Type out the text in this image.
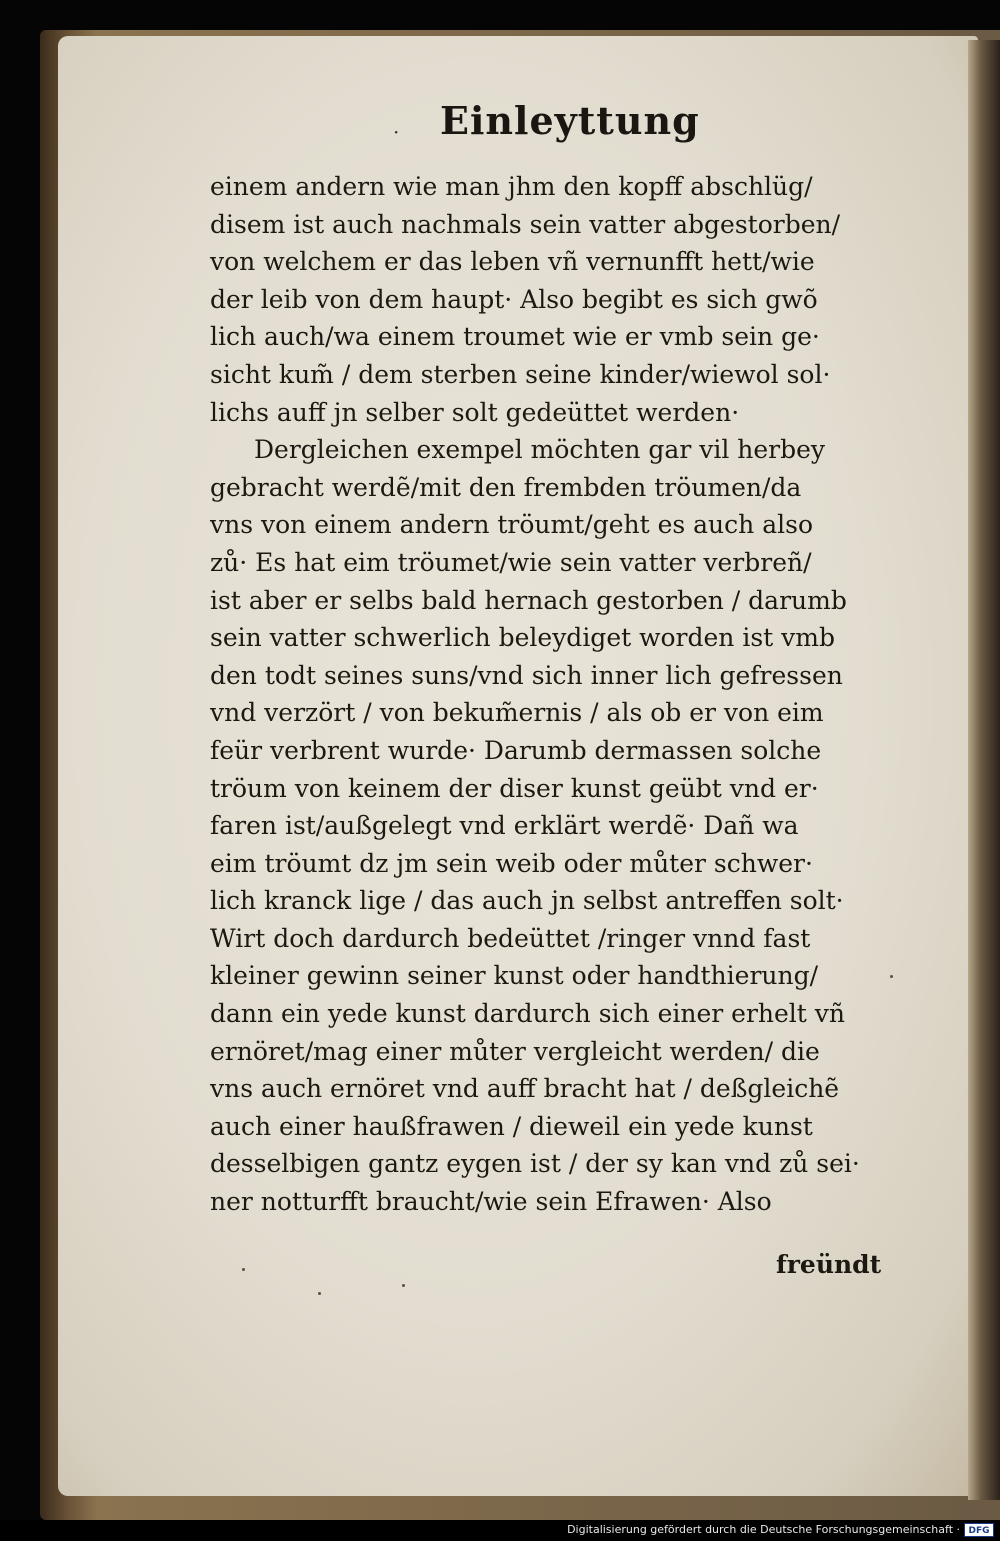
· Einleyttung
einem andern wie man jhm den kopff abschlüg/
disem ist auch nachmals sein vatter abgestorben/
von welchem er das leben vñ vernunfft hett/wie
der leib von dem haupt· Also begibt es sich gwõ
lich auch/wa einem troumet wie er vmb sein ge·
sicht kum̃ / dem sterben seine kinder/wiewol sol·
lichs auff jn selber solt gedeüttet werden·
Dergleichen exempel möchten gar vil herbey
gebracht werdẽ/mit den frembden tröumen/da
vns von einem andern tröumt/geht es auch also
zů· Es hat eim tröumet/wie sein vatter verbreñ/
ist aber er selbs bald hernach gestorben / darumb
sein vatter schwerlich beleydiget worden ist vmb
den todt seines suns/vnd sich inner lich gefressen
vnd verzört / von bekum̃ernis / als ob er von eim
feür verbrent wurde· Darumb dermassen solche
tröum von keinem der diser kunst geübt vnd er·
faren ist/außgelegt vnd erklärt werdẽ· Dañ wa
eim tröumt dz jm sein weib oder můter schwer·
lich kranck lige / das auch jn selbst antreffen solt·
Wirt doch dardurch bedeüttet /ringer vnnd fast
kleiner gewinn seiner kunst oder handthierung/
dann ein yede kunst dardurch sich einer erhelt vñ
ernöret/mag einer můter vergleicht werden/ die
vns auch ernöret vnd auff bracht hat / deßgleichẽ
auch einer haußfrawen / dieweil ein yede kunst
desselbigen gantz eygen ist / der sy kan vnd zů sei·
ner notturfft braucht/wie sein Efrawen· Also
freündt
Digitalisierung gefördert durch die Deutsche Forschungsgemeinschaft · DFG
